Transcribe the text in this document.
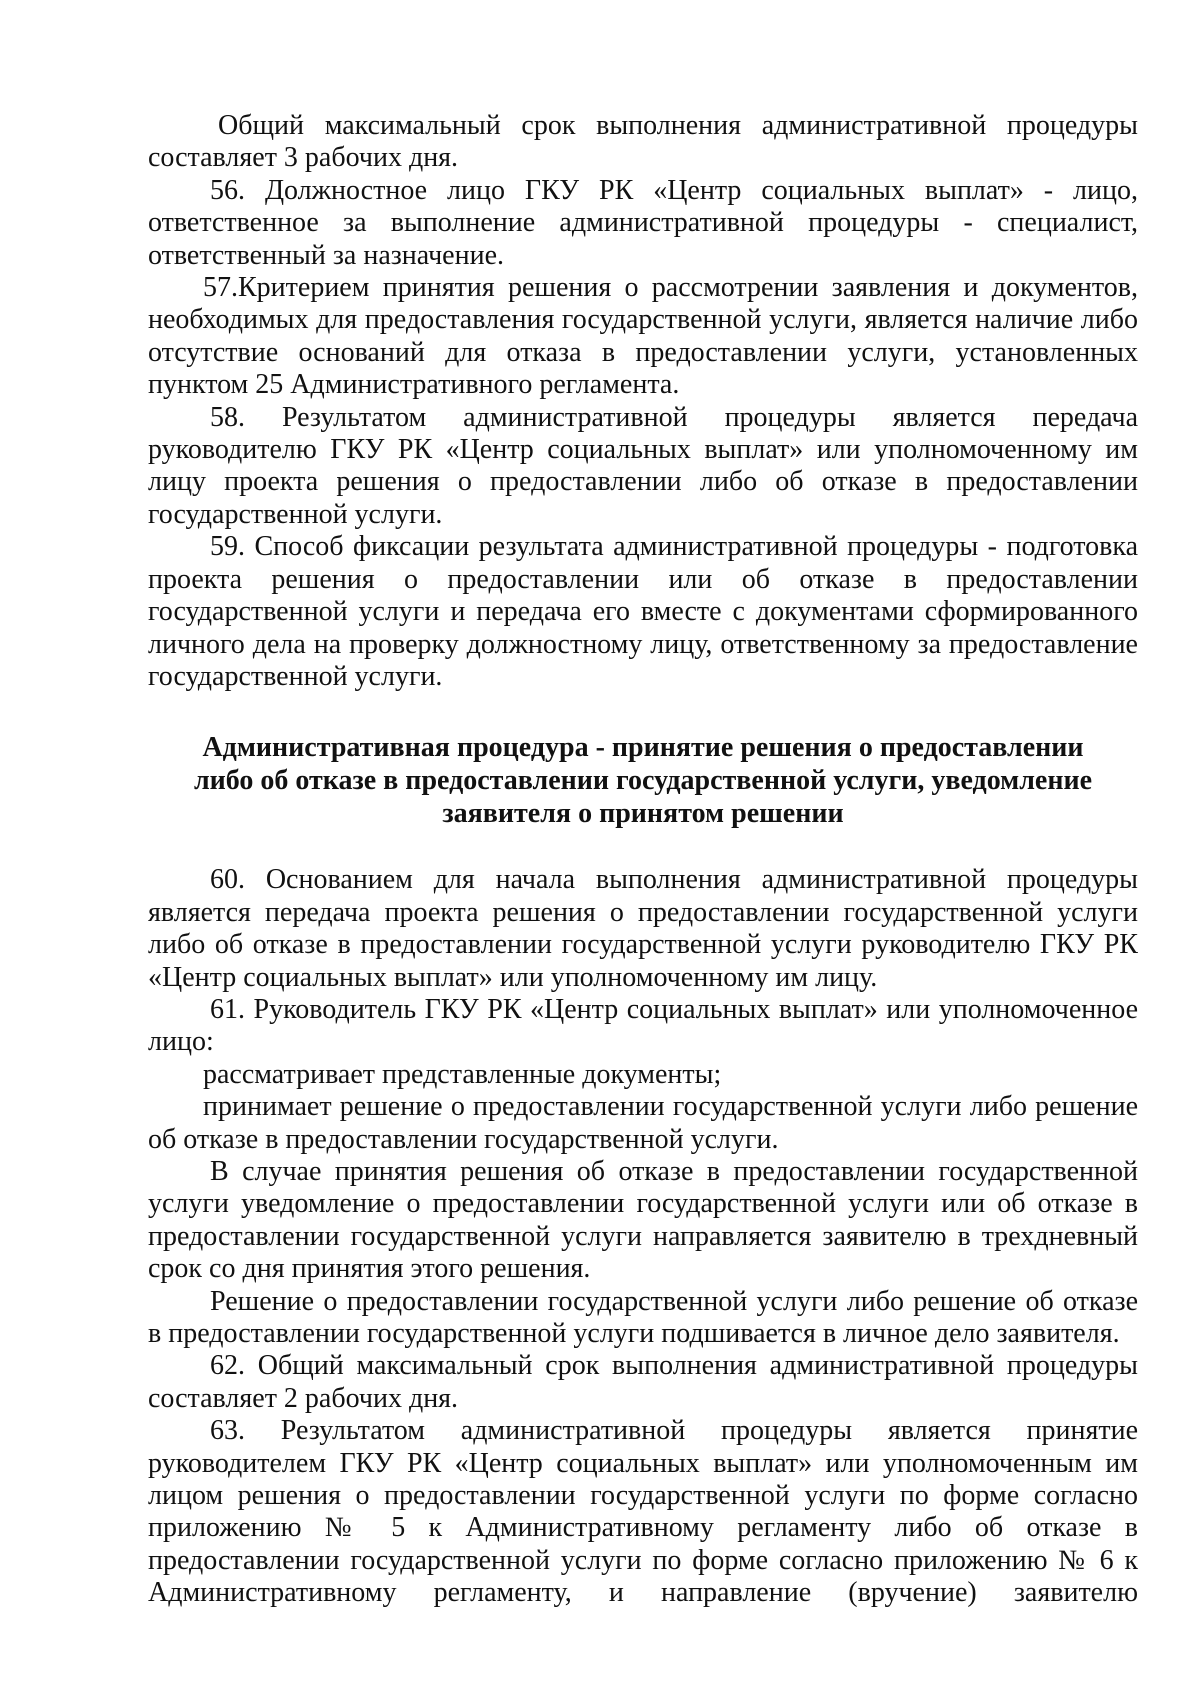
Общий максимальный срок выполнения административной процедуры составляет 3 рабочих дня.

56. Должностное лицо ГКУ РК «Центр социальных выплат» - лицо, ответственное за выполнение административной процедуры - специалист, ответственный за назначение.

57.Критерием принятия решения о рассмотрении заявления и документов, необходимых для предоставления государственной услуги, является наличие либо отсутствие оснований для отказа в предоставлении услуги, установленных пунктом 25 Административного регламента.

58. Результатом административной процедуры является передача руководителю ГКУ РК «Центр социальных выплат» или уполномоченному им лицу проекта решения о предоставлении либо об отказе в предоставлении государственной услуги.

59. Способ фиксации результата административной процедуры - подготовка проекта решения о предоставлении или об отказе в предоставлении государственной услуги и передача его вместе с документами сформированного личного дела на проверку должностному лицу, ответственному за предоставление государственной услуги.

Административная процедура - принятие решения о предоставлении
либо об отказе в предоставлении государственной услуги, уведомление
заявителя о принятом решении

60. Основанием для начала выполнения административной процедуры является передача проекта решения о предоставлении государственной услуги либо об отказе в предоставлении государственной услуги руководителю ГКУ РК «Центр социальных выплат» или уполномоченному им лицу.

61. Руководитель ГКУ РК «Центр социальных выплат» или уполномоченное лицо:

рассматривает представленные документы;

принимает решение о предоставлении государственной услуги либо решение об отказе в предоставлении государственной услуги.

В случае принятия решения об отказе в предоставлении государственной услуги уведомление о предоставлении государственной услуги или об отказе в предоставлении государственной услуги направляется заявителю в трехдневный срок со дня принятия этого решения.

Решение о предоставлении государственной услуги либо решение об отказе в предоставлении государственной услуги подшивается в личное дело заявителя.

62. Общий максимальный срок выполнения административной процедуры составляет 2 рабочих дня.

63. Результатом административной процедуры является принятие руководителем ГКУ РК «Центр социальных выплат» или уполномоченным им лицом решения о предоставлении государственной услуги по форме согласно приложению № 5 к Административному регламенту либо об отказе в предоставлении государственной услуги по форме согласно приложению № 6 к Административному регламенту, и направление (вручение) заявителю
